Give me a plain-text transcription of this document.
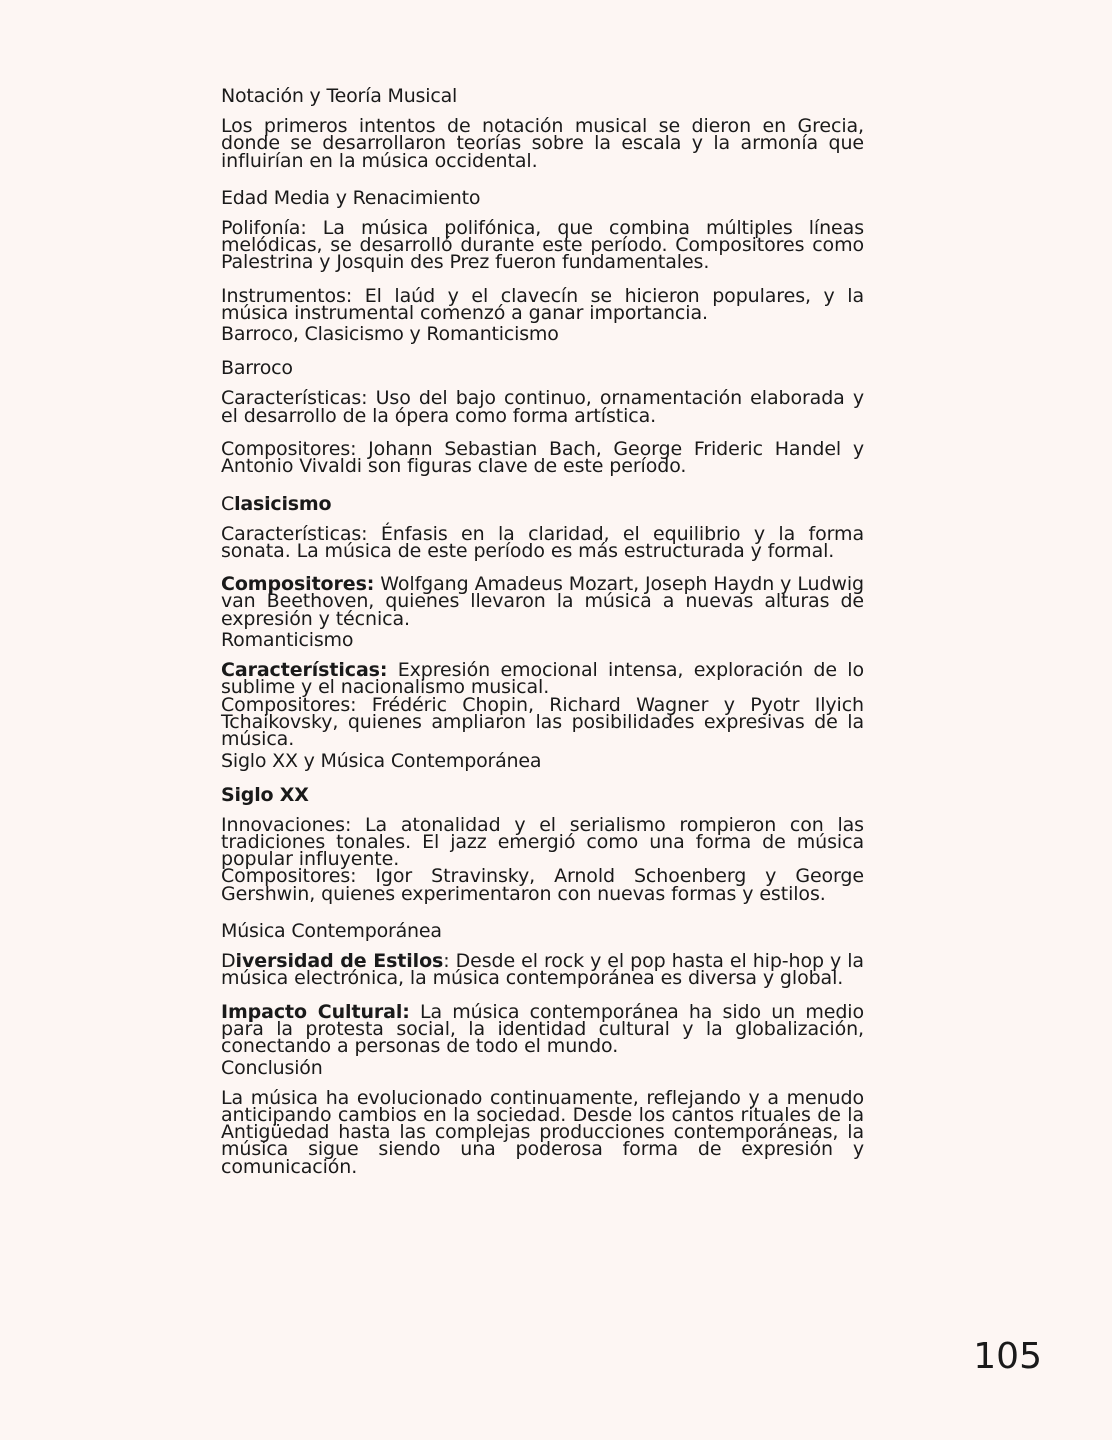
Notación y Teoría Musical

Los primeros intentos de notación musical se dieron en Grecia, donde se desarrollaron teorías sobre la escala y la armonía que influirían en la música occidental.

Edad Media y Renacimiento

Polifonía: La música polifónica, que combina múltiples líneas melódicas, se desarrolló durante este período. Compositores como Palestrina y Josquin des Prez fueron fundamentales.

Instrumentos: El laúd y el clavecín se hicieron populares, y la música instrumental comenzó a ganar importancia.

Barroco, Clasicismo y Romanticismo
Barroco

Características: Uso del bajo continuo, ornamentación elaborada y el desarrollo de la ópera como forma artística.

Compositores: Johann Sebastian Bach, George Frideric Handel y Antonio Vivaldi son figuras clave de este período.

Clasicismo

Características: Énfasis en la claridad, el equilibrio y la forma sonata. La música de este período es más estructurada y formal.

Compositores: Wolfgang Amadeus Mozart, Joseph Haydn y Ludwig van Beethoven, quienes llevaron la música a nuevas alturas de expresión y técnica.

Romanticismo

Características: Expresión emocional intensa, exploración de lo sublime y el nacionalismo musical.

Compositores: Frédéric Chopin, Richard Wagner y Pyotr Ilyich Tchaikovsky, quienes ampliaron las posibilidades expresivas de la música.

Siglo XX y Música Contemporánea
Siglo XX

Innovaciones: La atonalidad y el serialismo rompieron con las tradiciones tonales. El jazz emergió como una forma de música popular influyente.

Compositores: Igor Stravinsky, Arnold Schoenberg y George Gershwin, quienes experimentaron con nuevas formas y estilos.

Música Contemporánea

Diversidad de Estilos: Desde el rock y el pop hasta el hip-hop y la música electrónica, la música contemporánea es diversa y global.

Impacto Cultural: La música contemporánea ha sido un medio para la protesta social, la identidad cultural y la globalización, conectando a personas de todo el mundo.

Conclusión

La música ha evolucionado continuamente, reflejando y a menudo anticipando cambios en la sociedad. Desde los cantos rituales de la Antigüedad hasta las complejas producciones contemporáneas, la música sigue siendo una poderosa forma de expresión y comunicación.

105
